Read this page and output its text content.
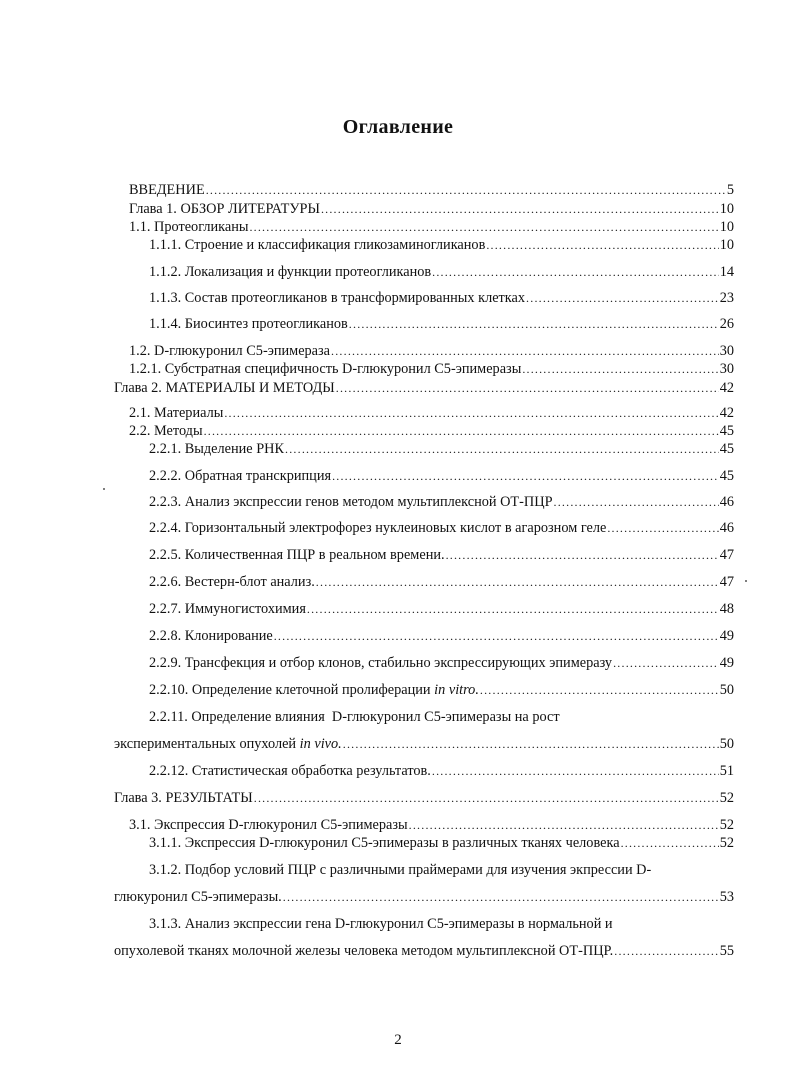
Оглавление
ВВЕДЕНИЕ .....	5
Глава 1. ОБЗОР ЛИТЕРАТУРЫ .....	10
1.1. Протеогликаны .....	10
1.1.1. Строение и классификация гликозаминогликанов .....	10
1.1.2. Локализация и функции протеогликанов .....	14
1.1.3. Состав протеогликанов в трансформированных клетках .....	23
1.1.4. Биосинтез протеогликанов .....	26
1.2. D-глюкуронил С5-эпимераза .....	30
1.2.1. Субстратная специфичность D-глюкуронил С5-эпимеразы .....	30
Глава 2. МАТЕРИАЛЫ И МЕТОДЫ .....	42
2.1. Материалы .....	42
2.2. Методы .....	45
2.2.1. Выделение РНК .....	45
2.2.2. Обратная транскрипция .....	45
2.2.3. Анализ экспрессии генов методом мультиплексной ОТ-ПЦР .....	46
2.2.4. Горизонтальный электрофорез нуклеиновых кислот в агарозном геле .....	46
2.2.5. Количественная ПЦР в реальном времени. .....	47
2.2.6. Вестерн-блот анализ. .....	47
2.2.7. Иммуногистохимия .....	48
2.2.8. Клонирование .....	49
2.2.9. Трансфекция и отбор клонов, стабильно экспрессирующих эпимеразу .....	49
2.2.10. Определение клеточной пролиферации in vitro. .....	50
2.2.11. Определение влияния  D-глюкуронил С5-эпимеразы на рост
экспериментальных опухолей in vivo. .....	50
2.2.12. Статистическая обработка результатов. .....	51
Глава 3. РЕЗУЛЬТАТЫ .....	52
3.1. Экспрессия D-глюкуронил С5-эпимеразы .....	52
3.1.1. Экспрессия D-глюкуронил С5-эпимеразы в различных тканях человека .....	52
3.1.2. Подбор условий ПЦР с различными праймерами для изучения экпрессии D-
глюкуронил С5-эпимеразы. .....	53
3.1.3. Анализ экспрессии гена D-глюкуронил С5-эпимеразы в нормальной и
опухолевой тканях молочной железы человека методом мультиплексной ОТ-ПЦР. .....	55
2
